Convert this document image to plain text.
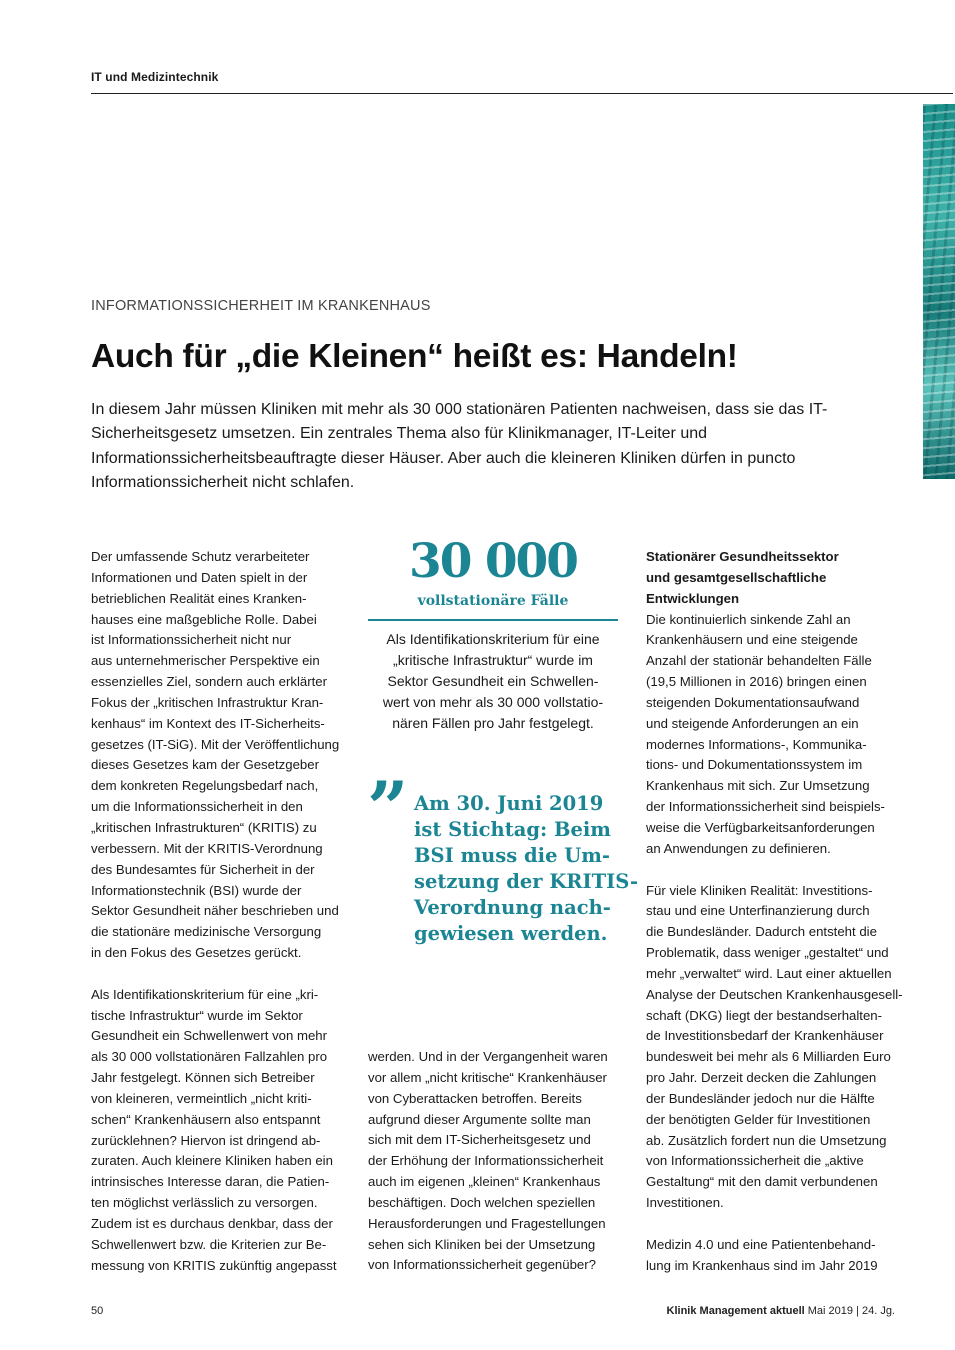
IT und Medizintechnik
INFORMATIONSSICHERHEIT IM KRANKENHAUS
Auch für „die Kleinen“ heißt es: Handeln!
In diesem Jahr müssen Kliniken mit mehr als 30 000 stationären Patienten nachweisen, dass sie das IT-Sicherheitsgesetz umsetzen. Ein zentrales Thema also für Klinikmanager, IT-Leiter und Informationssicherheitsbeauftragte dieser Häuser. Aber auch die kleineren Kliniken dürfen in puncto Informationssicherheit nicht schlafen.

Der umfassende Schutz verarbeiteter

Informationen und Daten spielt in der

betrieblichen Realität eines Kranken-

hauses eine maßgebliche Rolle. Dabei

ist Informationssicherheit nicht nur

aus unternehmerischer Perspektive ein

essenzielles Ziel, sondern auch erklärter

Fokus der „kritischen Infrastruktur Kran-

kenhaus“ im Kontext des IT-Sicherheits-

gesetzes (IT-SiG). Mit der Veröffentlichung

dieses Gesetzes kam der Gesetzgeber

dem konkreten Regelungsbedarf nach,

um die Informationssicherheit in den

„kritischen Infrastrukturen“ (KRITIS) zu

verbessern. Mit der KRITIS-Verordnung

des Bundesamtes für Sicherheit in der

Informationstechnik (BSI) wurde der

Sektor Gesundheit näher beschrieben und

die stationäre medizinische Versorgung

in den Fokus des Gesetzes gerückt.

Als Identifikationskriterium für eine „kri-

tische Infrastruktur“ wurde im Sektor

Gesundheit ein Schwellenwert von mehr

als 30 000 vollstationären Fallzahlen pro

Jahr festgelegt. Können sich Betreiber

von kleineren, vermeintlich „nicht kriti-

schen“ Krankenhäusern also entspannt

zurücklehnen? Hiervon ist dringend ab-

zuraten. Auch kleinere Kliniken haben ein

intrinsisches Interesse daran, die Patien-

ten möglichst verlässlich zu versorgen.

Zudem ist es durchaus denkbar, dass der

Schwellenwert bzw. die Kriterien zur Be-

messung von KRITIS zukünftig angepasst

30 000
vollstationäre Fälle

Als Identifikationskriterium für eine

„kritische Infrastruktur“ wurde im

Sektor Gesundheit ein Schwellen-

wert von mehr als 30 000 vollstatio-

nären Fällen pro Jahr festgelegt.

” Am 30. Juni 2019

ist Stichtag: Beim

BSI muss die Um-

setzung der KRITIS-

Verordnung nach-

gewiesen werden.

werden. Und in der Vergangenheit waren

vor allem „nicht kritische“ Krankenhäuser

von Cyberattacken betroffen. Bereits

aufgrund dieser Argumente sollte man

sich mit dem IT-Sicherheitsgesetz und

der Erhöhung der Informationssicherheit

auch im eigenen „kleinen“ Krankenhaus

beschäftigen. Doch welchen speziellen

Herausforderungen und Fragestellungen

sehen sich Kliniken bei der Umsetzung

von Informationssicherheit gegenüber?

Stationärer Gesundheitssektor

und gesamtgesellschaftliche

Entwicklungen

Die kontinuierlich sinkende Zahl an

Krankenhäusern und eine steigende

Anzahl der stationär behandelten Fälle

(19,5 Millionen in 2016) bringen einen

steigenden Dokumentationsaufwand

und steigende Anforderungen an ein

modernes Informations-, Kommunika-

tions- und Dokumentationssystem im

Krankenhaus mit sich. Zur Umsetzung

der Informationssicherheit sind beispiels-

weise die Verfügbarkeitsanforderungen

an Anwendungen zu definieren.

Für viele Kliniken Realität: Investitions-

stau und eine Unterfinanzierung durch

die Bundesländer. Dadurch entsteht die

Problematik, dass weniger „gestaltet“ und

mehr „verwaltet“ wird. Laut einer aktuellen

Analyse der Deutschen Krankenhausgesell-

schaft (DKG) liegt der bestandserhalten-

de Investitionsbedarf der Krankenhäuser

bundesweit bei mehr als 6 Milliarden Euro

pro Jahr. Derzeit decken die Zahlungen

der Bundesländer jedoch nur die Hälfte

der benötigten Gelder für Investitionen

ab. Zusätzlich fordert nun die Umsetzung

von Informationssicherheit die „aktive

Gestaltung“ mit den damit verbundenen

Investitionen.

Medizin 4.0 und eine Patientenbehand-

lung im Krankenhaus sind im Jahr 2019

50	Klinik Management aktuell Mai 2019 | 24. Jg.
